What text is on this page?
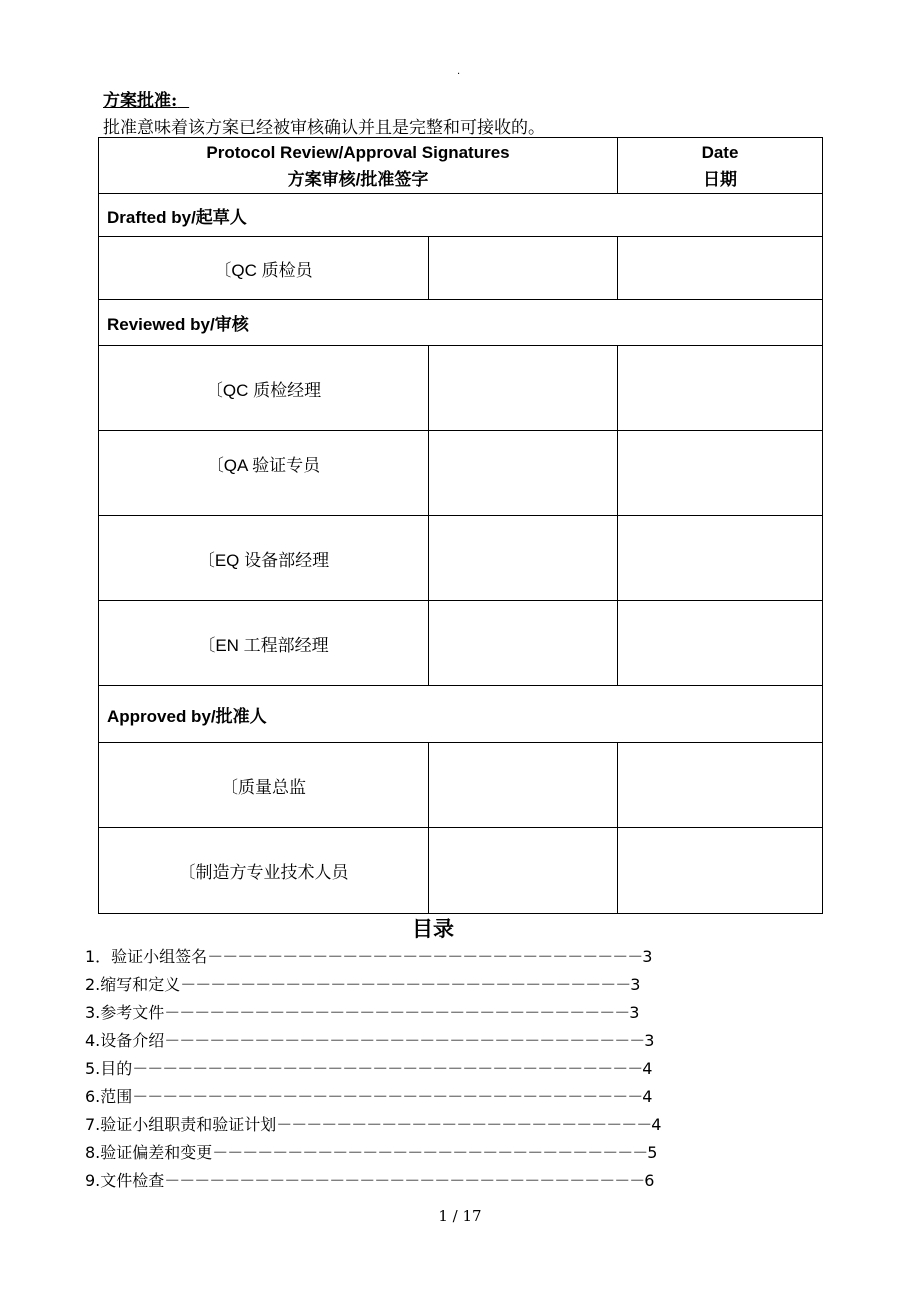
.
方案批准:
批准意味着该方案已经被审核确认并且是完整和可接收的。
Protocol Review/Approval Signatures
方案审核/批准签字		Date
日期

Drafted by/起草人		
〔QC 质检员		
Reviewed by/审核		
〔QC 质检经理		
〔QA 验证专员		
〔EQ 设备部经理		
〔EN 工程部经理		
Approved by/批准人		
〔质量总监		
〔制造方专业技术人员		
目录
1．验证小组签名－－－－－－－－－－－－－－－－－－－－－－－－－－－－－3
2.缩写和定义－－－－－－－－－－－－－－－－－－－－－－－－－－－－－－3
3.参考文件－－－－－－－－－－－－－－－－－－－－－－－－－－－－－－－3
4.设备介绍－－－－－－－－－－－－－－－－－－－－－－－－－－－－－－－－3
5.目的－－－－－－－－－－－－－－－－－－－－－－－－－－－－－－－－－－4
6.范围－－－－－－－－－－－－－－－－－－－－－－－－－－－－－－－－－－4
7.验证小组职责和验证计划－－－－－－－－－－－－－－－－－－－－－－－－－4
8.验证偏差和变更－－－－－－－－－－－－－－－－－－－－－－－－－－－－－5
9.文件检查－－－－－－－－－－－－－－－－－－－－－－－－－－－－－－－－6
1 / 17
